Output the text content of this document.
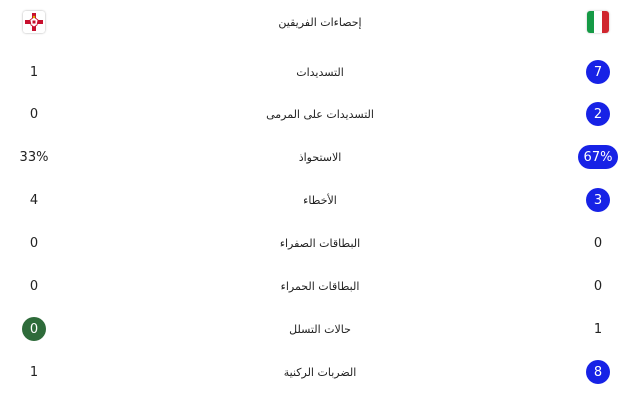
إحصاءات الفريقين
1	التسديدات	7
0	التسديدات على المرمى	2
33%	الاستحواذ	67%
4	الأخطاء	3
0	البطاقات الصفراء	0
0	البطاقات الحمراء	0
0	حالات التسلل	1
1	الضربات الركنية	8
